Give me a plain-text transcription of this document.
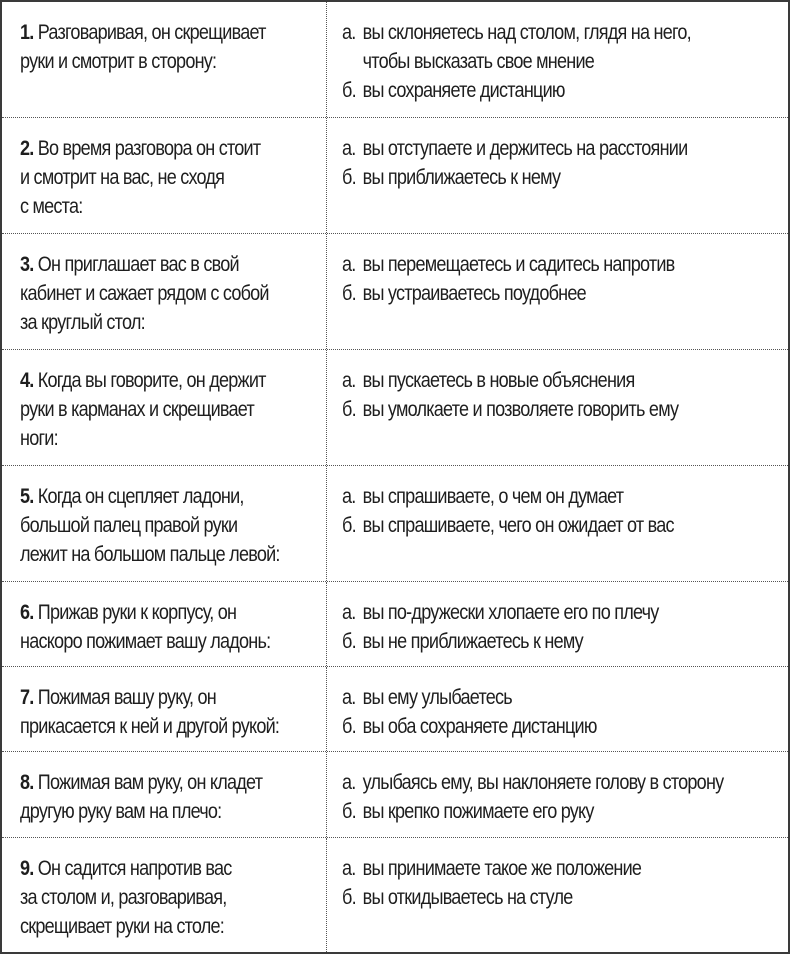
1. Разговаривая, он скрещивает
руки и смотрит в сторону:
а. вы склоняетесь над столом, глядя на него,
чтобы высказать свое мнение
б. вы сохраняете дистанцию
2. Во время разговора он стоит
и смотрит на вас, не сходя
с места:
а. вы отступаете и держитесь на расстоянии
б. вы приближаетесь к нему
3. Он приглашает вас в свой
кабинет и сажает рядом с собой
за круглый стол:
а. вы перемещаетесь и садитесь напротив
б. вы устраиваетесь поудобнее
4. Когда вы говорите, он держит
руки в карманах и скрещивает
ноги:
а. вы пускаетесь в новые объяснения
б. вы умолкаете и позволяете говорить ему
5. Когда он сцепляет ладони,
большой палец правой руки
лежит на большом пальце левой:
а. вы спрашиваете, о чем он думает
б. вы спрашиваете, чего он ожидает от вас
6. Прижав руки к корпусу, он
наскоро пожимает вашу ладонь:
а. вы по-дружески хлопаете его по плечу
б. вы не приближаетесь к нему
7. Пожимая вашу руку, он
прикасается к ней и другой рукой:
а. вы ему улыбаетесь
б. вы оба сохраняете дистанцию
8. Пожимая вам руку, он кладет
другую руку вам на плечо:
а. улыбаясь ему, вы наклоняете голову в сторону
б. вы крепко пожимаете его руку
9. Он садится напротив вас
за столом и, разговаривая,
скрещивает руки на столе:
а. вы принимаете такое же положение
б. вы откидываетесь на стуле
